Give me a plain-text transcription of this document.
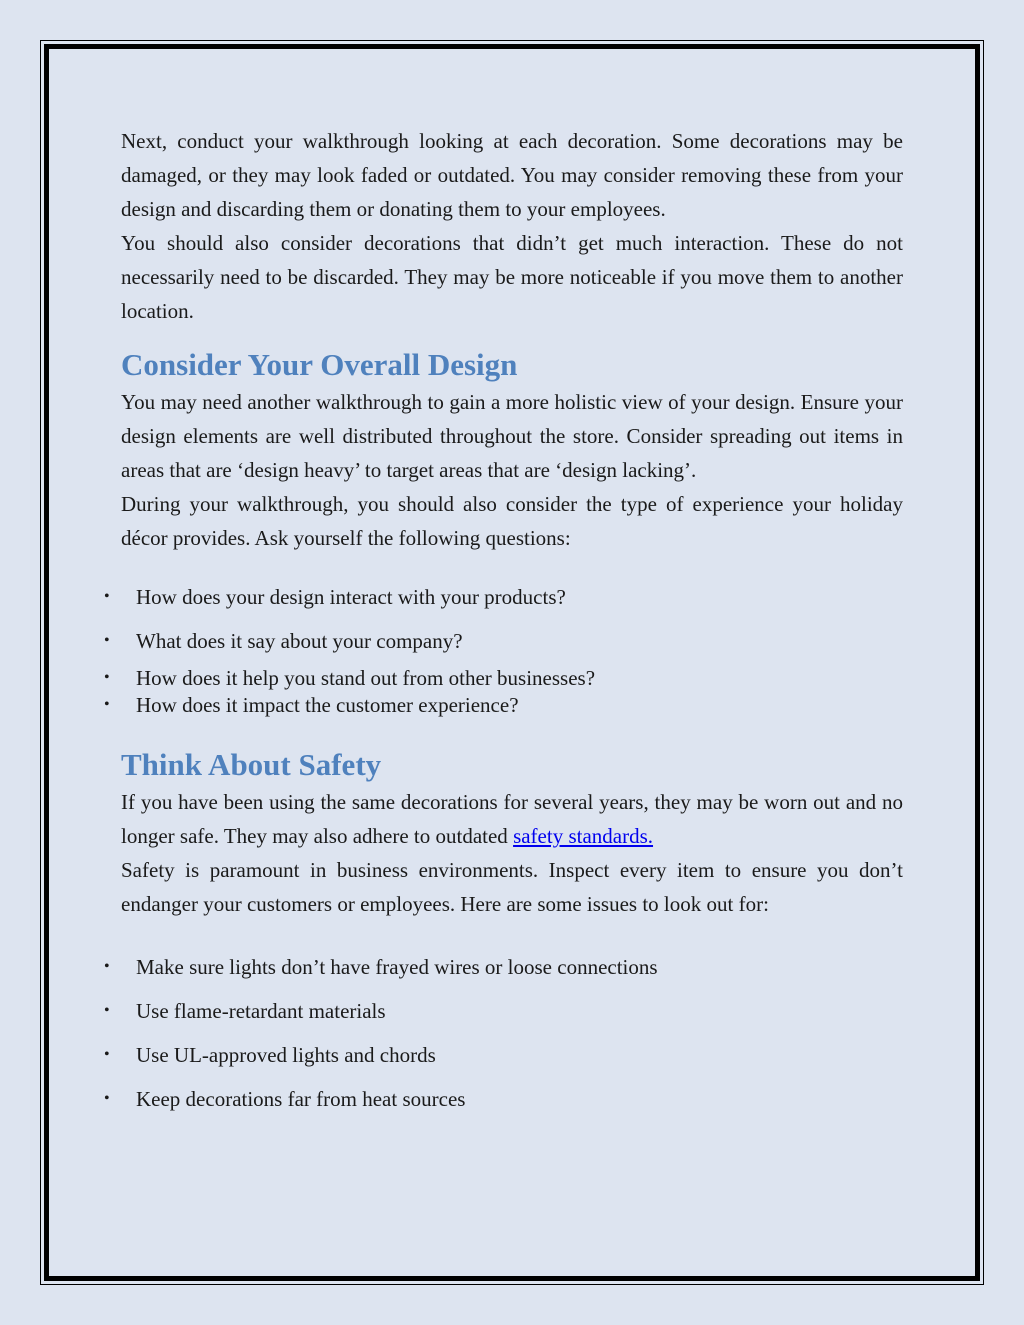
Next, conduct your walkthrough looking at each decoration. Some decorations may be damaged, or they may look faded or outdated. You may consider removing these from your design and discarding them or donating them to your employees.

You should also consider decorations that didn’t get much interaction. These do not necessarily need to be discarded. They may be more noticeable if you move them to another location.

Consider Your Overall Design

You may need another walkthrough to gain a more holistic view of your design. Ensure your design elements are well distributed throughout the store. Consider spreading out items in areas that are ‘design heavy’ to target areas that are ‘design lacking’.

During your walkthrough, you should also consider the type of experience your holiday décor provides. Ask yourself the following questions:

• How does your design interact with your products?
• What does it say about your company?
• How does it help you stand out from other businesses?
• How does it impact the customer experience?
Think About Safety

If you have been using the same decorations for several years, they may be worn out and no longer safe. They may also adhere to outdated safety standards.

Safety is paramount in business environments. Inspect every item to ensure you don’t endanger your customers or employees. Here are some issues to look out for:

• Make sure lights don’t have frayed wires or loose connections
• Use flame-retardant materials
• Use UL-approved lights and chords
• Keep decorations far from heat sources
